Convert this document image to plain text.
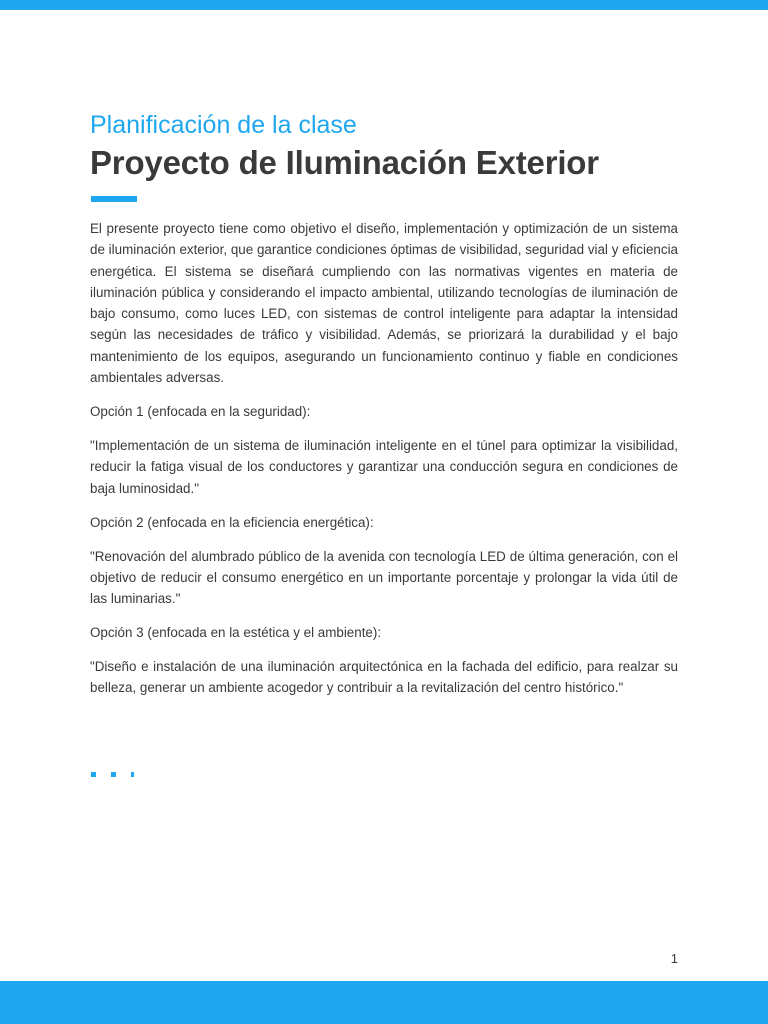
Planificación de la clase
Proyecto de Iluminación Exterior

El presente proyecto tiene como objetivo el diseño, implementación y optimización de un sistema de iluminación exterior, que garantice condiciones óptimas de visibilidad, seguridad vial y eficiencia energética. El sistema se diseñará cumpliendo con las normativas vigentes en materia de iluminación pública y considerando el impacto ambiental, utilizando tecnologías de iluminación de bajo consumo, como luces LED, con sistemas de control inteligente para adaptar la intensidad según las necesidades de tráfico y visibilidad. Además, se priorizará la durabilidad y el bajo mantenimiento de los equipos, asegurando un funcionamiento continuo y fiable en condiciones ambientales adversas.

Opción 1 (enfocada en la seguridad):

"Implementación de un sistema de iluminación inteligente en el túnel para optimizar la visibilidad, reducir la fatiga visual de los conductores y garantizar una conducción segura en condiciones de baja luminosidad."

Opción 2 (enfocada en la eficiencia energética):

"Renovación del alumbrado público de la avenida con tecnología LED de última generación, con el objetivo de reducir el consumo energético en un importante porcentaje y prolongar la vida útil de las luminarias."

Opción 3 (enfocada en la estética y el ambiente):

"Diseño e instalación de una iluminación arquitectónica en la fachada del edificio, para realzar su belleza, generar un ambiente acogedor y contribuir a la revitalización del centro histórico."

1
